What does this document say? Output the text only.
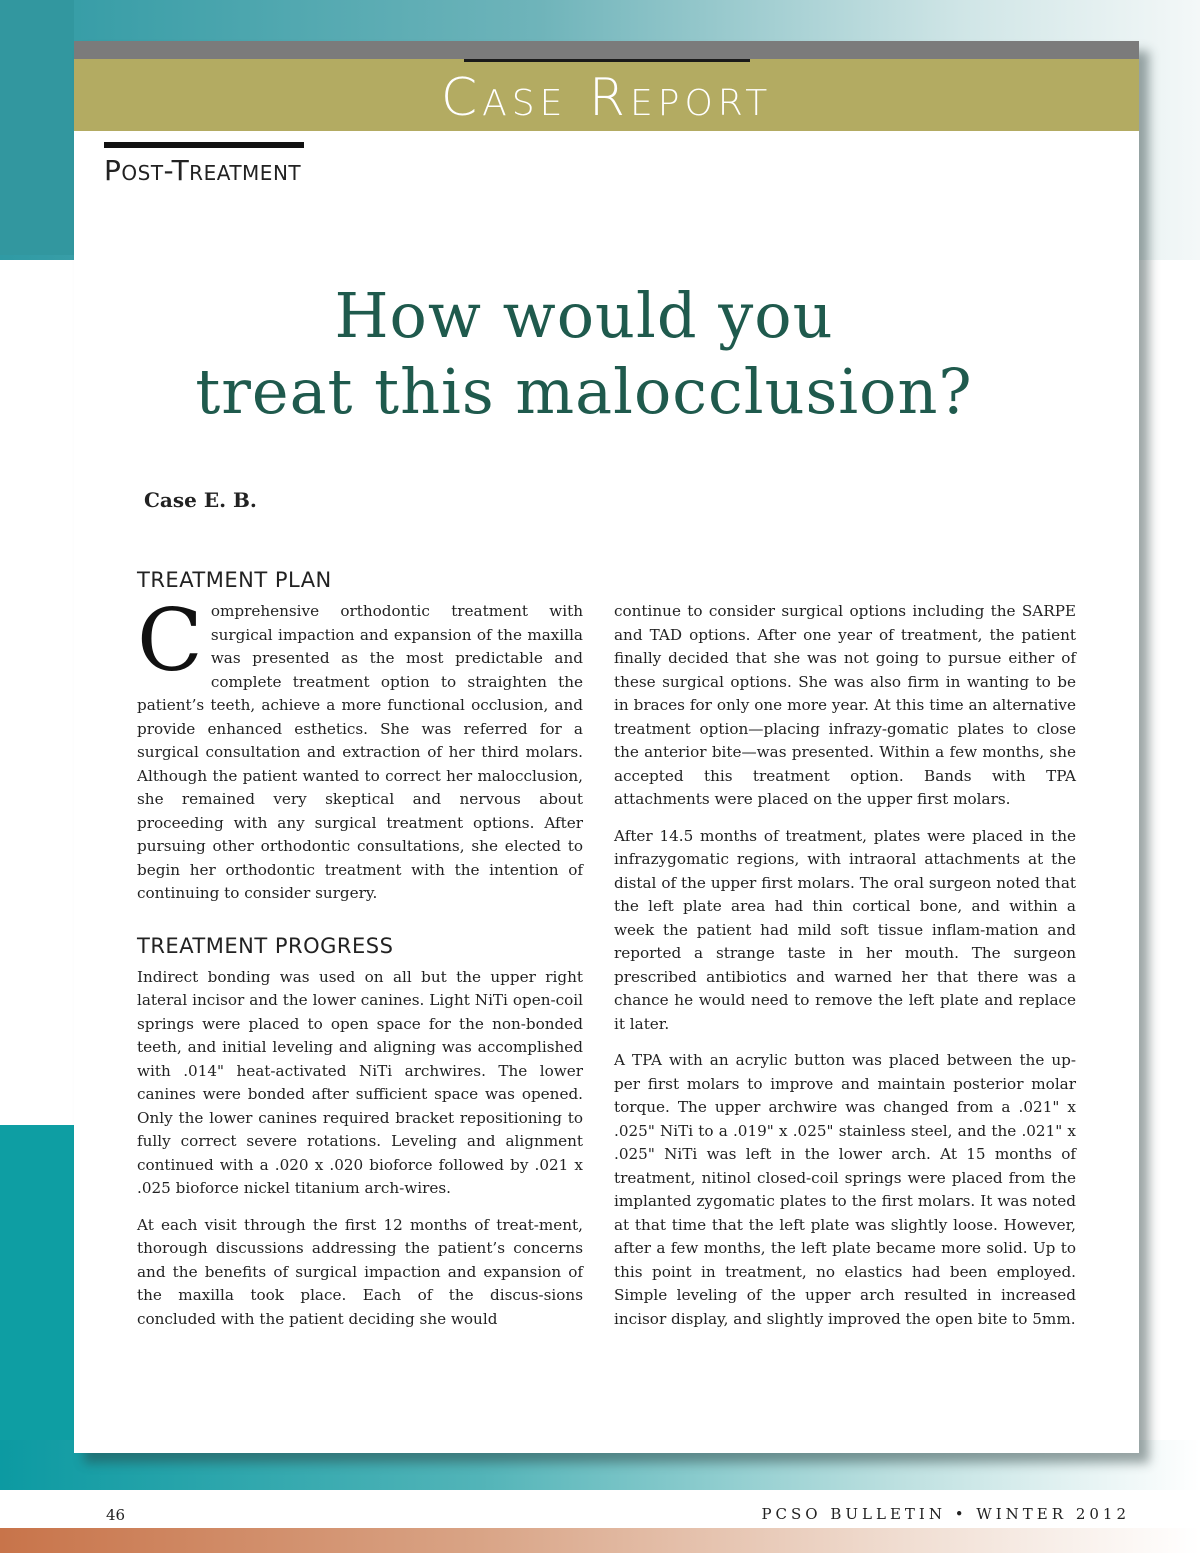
Case Report
Post-Treatment
How would you
treat this malocclusion?
Case E. B.
TREATMENT PLAN

Comprehensive orthodontic treatment with surgical impaction and expansion of the maxilla was presented as the most predictable and complete treatment option to straighten the patient’s teeth, achieve a more functional occlusion, and provide enhanced esthetics. She was referred for a surgical consultation and extraction of her third molars. Although the patient wanted to correct her malocclusion, she remained very skeptical and nervous about proceeding with any surgical treatment options. After pursuing other orthodontic consultations, she elected to begin her orthodontic treatment with the intention of continuing to consider surgery.

TREATMENT PROGRESS

Indirect bonding was used on all but the upper right lateral incisor and the lower canines. Light NiTi open-coil springs were placed to open space for the non-bonded teeth, and initial leveling and aligning was accomplished with .014" heat-activated NiTi archwires. The lower canines were bonded after sufficient space was opened. Only the lower canines required bracket repositioning to fully correct severe rotations. Leveling and alignment continued with a .020 x .020 bioforce followed by .021 x .025 bioforce nickel titanium arch-wires.

At each visit through the first 12 months of treat-ment, thorough discussions addressing the patient’s concerns and the benefits of surgical impaction and expansion of the maxilla took place. Each of the discus-sions concluded with the patient deciding she would

continue to consider surgical options including the SARPE and TAD options. After one year of treatment, the patient finally decided that she was not going to pursue either of these surgical options. She was also firm in wanting to be in braces for only one more year. At this time an alternative treatment option—placing infrazy-gomatic plates to close the anterior bite—was presented. Within a few months, she accepted this treatment option. Bands with TPA attachments were placed on the upper first molars.

After 14.5 months of treatment, plates were placed in the infrazygomatic regions, with intraoral attachments at the distal of the upper first molars. The oral surgeon noted that the left plate area had thin cortical bone, and within a week the patient had mild soft tissue inflam-mation and reported a strange taste in her mouth. The surgeon prescribed antibiotics and warned her that there was a chance he would need to remove the left plate and replace it later.

A TPA with an acrylic button was placed between the up-per first molars to improve and maintain posterior molar torque. The upper archwire was changed from a .021" x .025" NiTi to a .019" x .025" stainless steel, and the .021" x .025" NiTi was left in the lower arch. At 15 months of treatment, nitinol closed-coil springs were placed from the implanted zygomatic plates to the first molars. It was noted at that time that the left plate was slightly loose. However, after a few months, the left plate became more solid. Up to this point in treatment, no elastics had been employed. Simple leveling of the upper arch resulted in increased incisor display, and slightly improved the open bite to 5mm.

46	PCSO BULLETIN • WINTER 2012
